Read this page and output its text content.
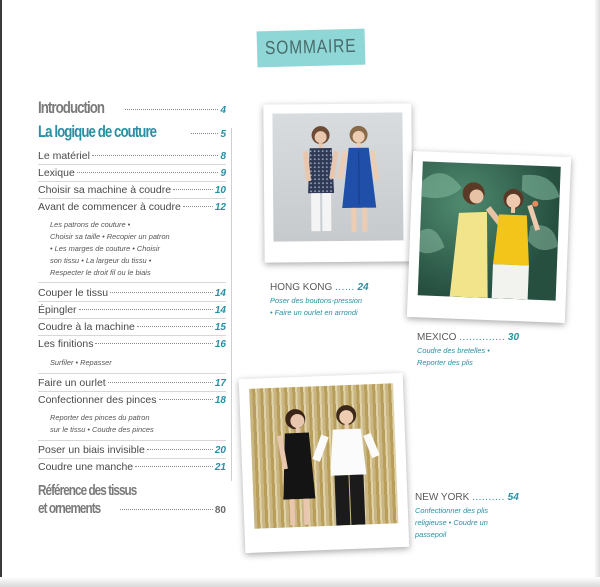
SOMMAIRE
Introduction	4
La logique de couture	5
Le matériel	8
Lexique	9
Choisir sa machine à coudre	10
Avant de commencer à coudre	12
Les patrons de couture •
Choisir sa taille • Recopier un patron
• Les marges de couture • Choisir
son tissu • La largeur du tissu •
Respecter le droit fil ou le biais
Couper le tissu	14
Épingler	14
Coudre à la machine	15
Les finitions	16
Surfiler • Repasser
Faire un ourlet	17
Confectionner des pinces	18
Reporter des pinces du patron
sur le tissu • Coudre des pinces
Poser un biais invisible	20
Coudre une manche	21
Référence des tissus
et ornements	80
HONG KONG ...... 24
Poser des boutons-pression
• Faire un ourlet en arrondi
MEXICO .............. 30
Coudre des bretelles •
Reporter des plis
NEW YORK .......... 54
Confectionner des plis
religieuse • Coudre un
passepoil
